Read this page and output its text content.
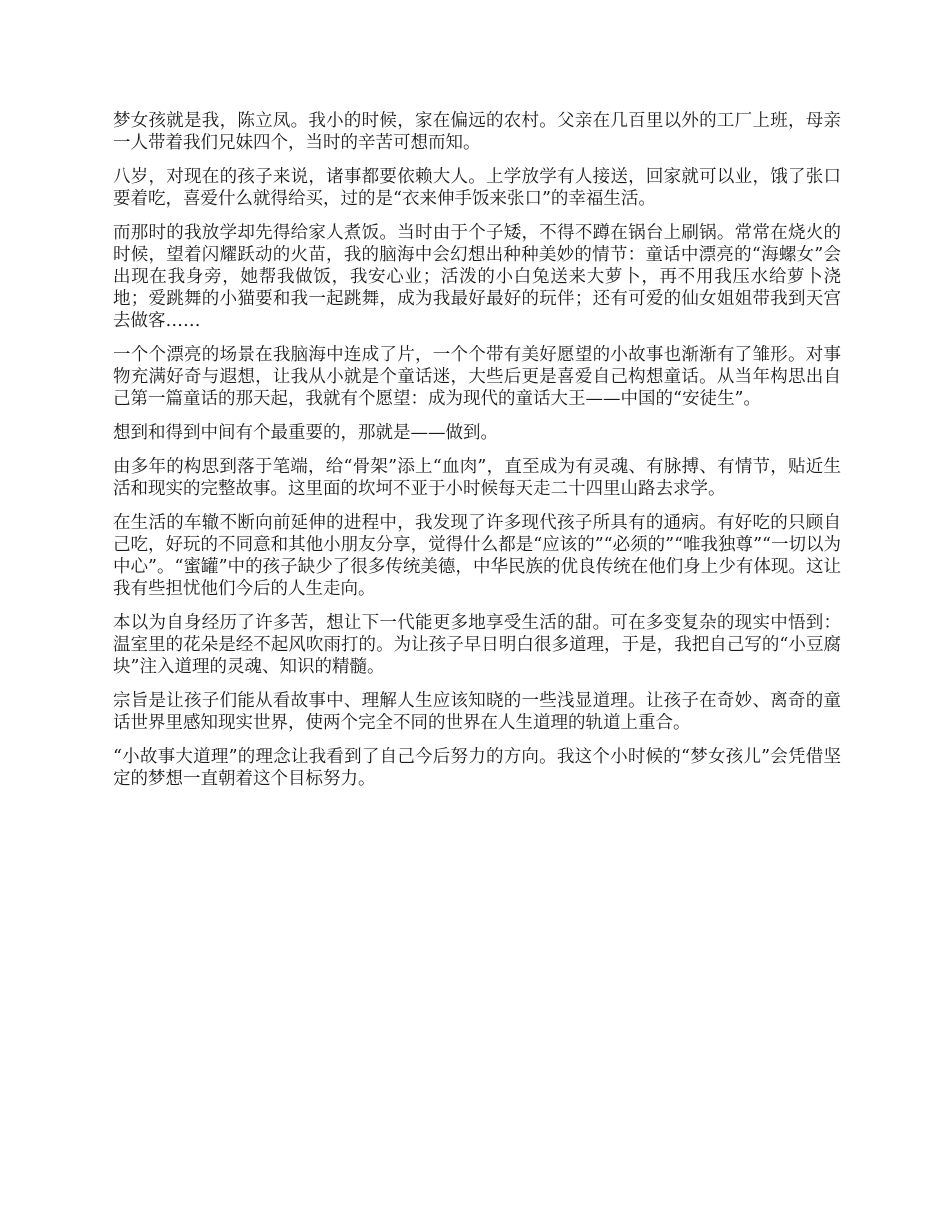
梦女孩就是我，陈立凤。我小的时候，家在偏远的农村。父亲在几百里以外的工厂上班，母亲一人带着我们兄妹四个，当时的辛苦可想而知。

八岁，对现在的孩子来说，诸事都要依赖大人。上学放学有人接送，回家就可以业，饿了张口要着吃，喜爱什么就得给买，过的是“衣来伸手饭来张口”的幸福生活。

而那时的我放学却先得给家人煮饭。当时由于个子矮，不得不蹲在锅台上刷锅。常常在烧火的时候，望着闪耀跃动的火苗，我的脑海中会幻想出种种美妙的情节：童话中漂亮的“海螺女”会出现在我身旁，她帮我做饭，我安心业；活泼的小白兔送来大萝卜，再不用我压水给萝卜浇地；爱跳舞的小猫要和我一起跳舞，成为我最好最好的玩伴；还有可爱的仙女姐姐带我到天宫去做客……

一个个漂亮的场景在我脑海中连成了片，一个个带有美好愿望的小故事也渐渐有了雏形。对事物充满好奇与遐想，让我从小就是个童话迷，大些后更是喜爱自己构想童话。从当年构思出自己第一篇童话的那天起，我就有个愿望：成为现代的童话大王——中国的“安徒生”。

想到和得到中间有个最重要的，那就是——做到。

由多年的构思到落于笔端，给“骨架”添上“血肉”，直至成为有灵魂、有脉搏、有情节，贴近生活和现实的完整故事。这里面的坎坷不亚于小时候每天走二十四里山路去求学。

在生活的车辙不断向前延伸的进程中，我发现了许多现代孩子所具有的通病。有好吃的只顾自己吃，好玩的不同意和其他小朋友分享，觉得什么都是“应该的”“必须的”“唯我独尊”“一切以为中心”。“蜜罐”中的孩子缺少了很多传统美德，中华民族的优良传统在他们身上少有体现。这让我有些担忧他们今后的人生走向。

本以为自身经历了许多苦，想让下一代能更多地享受生活的甜。可在多变复杂的现实中悟到：温室里的花朵是经不起风吹雨打的。为让孩子早日明白很多道理，于是，我把自己写的“小豆腐块”注入道理的灵魂、知识的精髓。

宗旨是让孩子们能从看故事中、理解人生应该知晓的一些浅显道理。让孩子在奇妙、离奇的童话世界里感知现实世界，使两个完全不同的世界在人生道理的轨道上重合。

“小故事大道理”的理念让我看到了自己今后努力的方向。我这个小时候的“梦女孩儿”会凭借坚定的梦想一直朝着这个目标努力。
